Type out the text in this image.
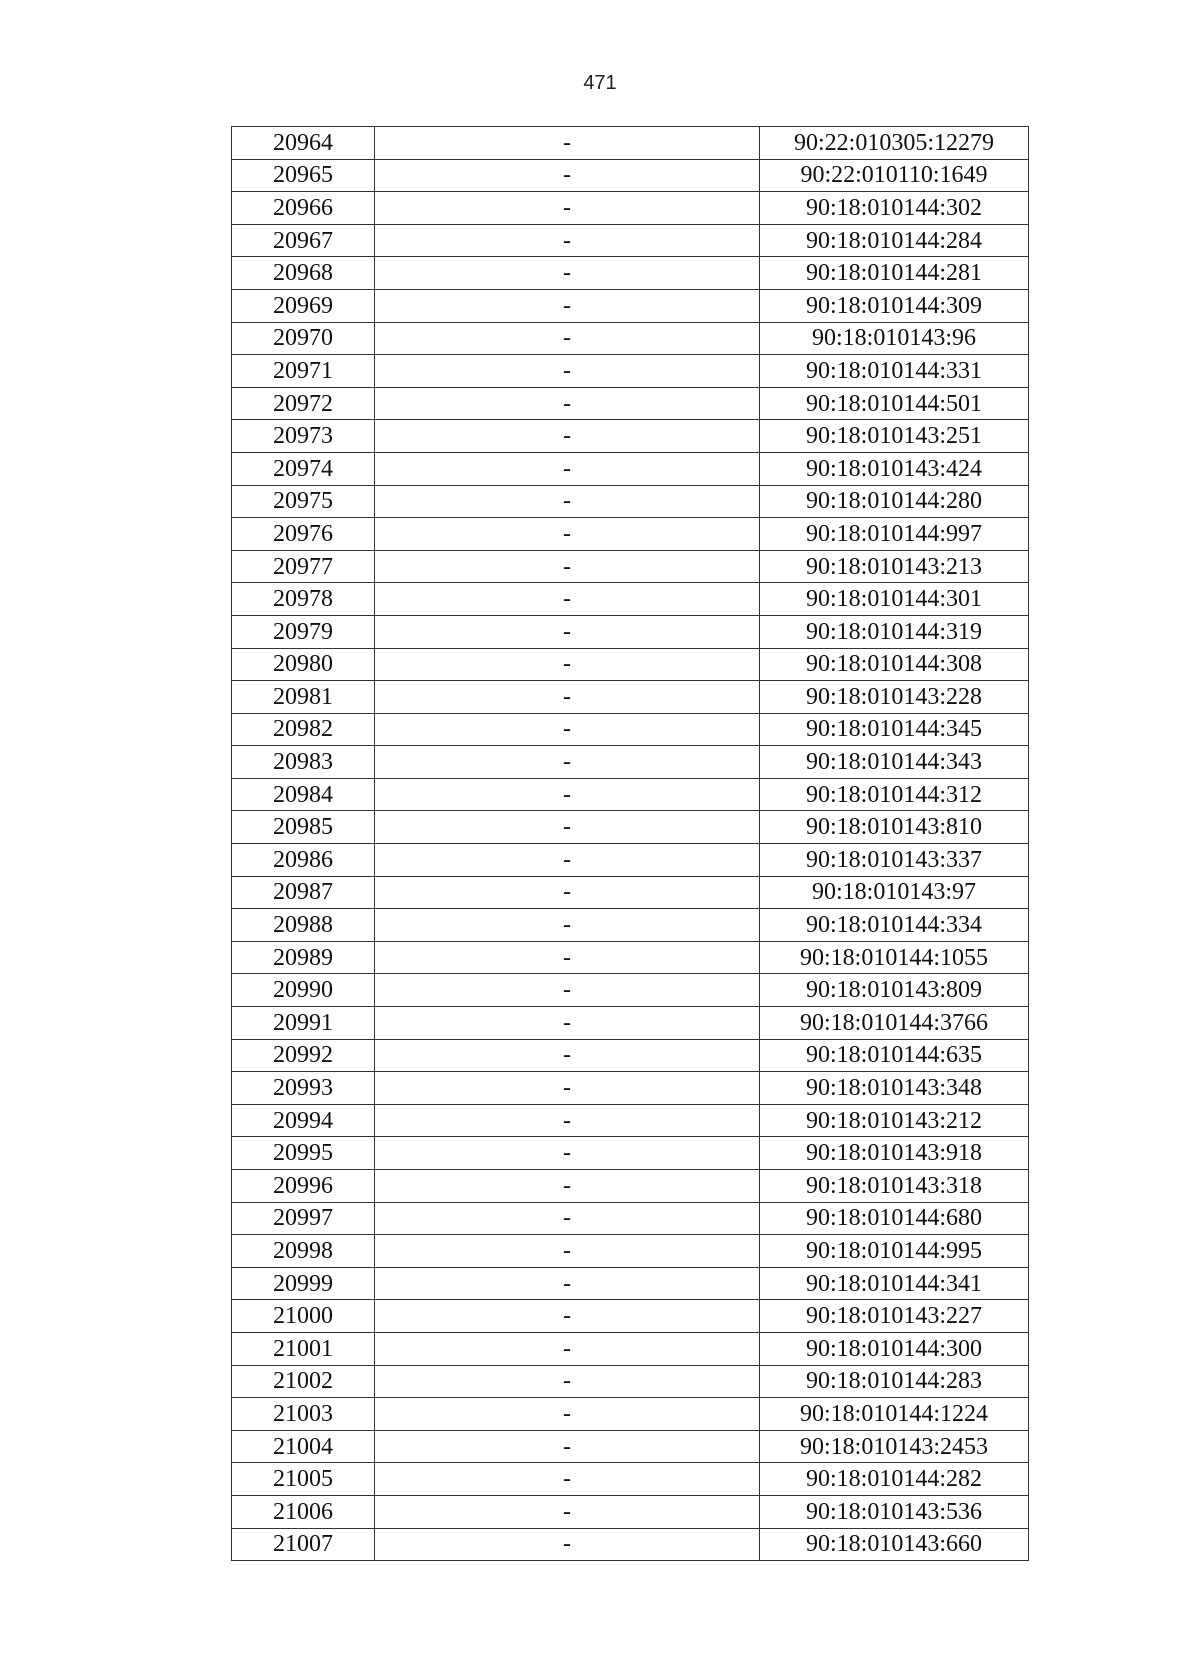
471
20964	-	90:22:010305:12279
20965	-	90:22:010110:1649
20966	-	90:18:010144:302
20967	-	90:18:010144:284
20968	-	90:18:010144:281
20969	-	90:18:010144:309
20970	-	90:18:010143:96
20971	-	90:18:010144:331
20972	-	90:18:010144:501
20973	-	90:18:010143:251
20974	-	90:18:010143:424
20975	-	90:18:010144:280
20976	-	90:18:010144:997
20977	-	90:18:010143:213
20978	-	90:18:010144:301
20979	-	90:18:010144:319
20980	-	90:18:010144:308
20981	-	90:18:010143:228
20982	-	90:18:010144:345
20983	-	90:18:010144:343
20984	-	90:18:010144:312
20985	-	90:18:010143:810
20986	-	90:18:010143:337
20987	-	90:18:010143:97
20988	-	90:18:010144:334
20989	-	90:18:010144:1055
20990	-	90:18:010143:809
20991	-	90:18:010144:3766
20992	-	90:18:010144:635
20993	-	90:18:010143:348
20994	-	90:18:010143:212
20995	-	90:18:010143:918
20996	-	90:18:010143:318
20997	-	90:18:010144:680
20998	-	90:18:010144:995
20999	-	90:18:010144:341
21000	-	90:18:010143:227
21001	-	90:18:010144:300
21002	-	90:18:010144:283
21003	-	90:18:010144:1224
21004	-	90:18:010143:2453
21005	-	90:18:010144:282
21006	-	90:18:010143:536
21007	-	90:18:010143:660
